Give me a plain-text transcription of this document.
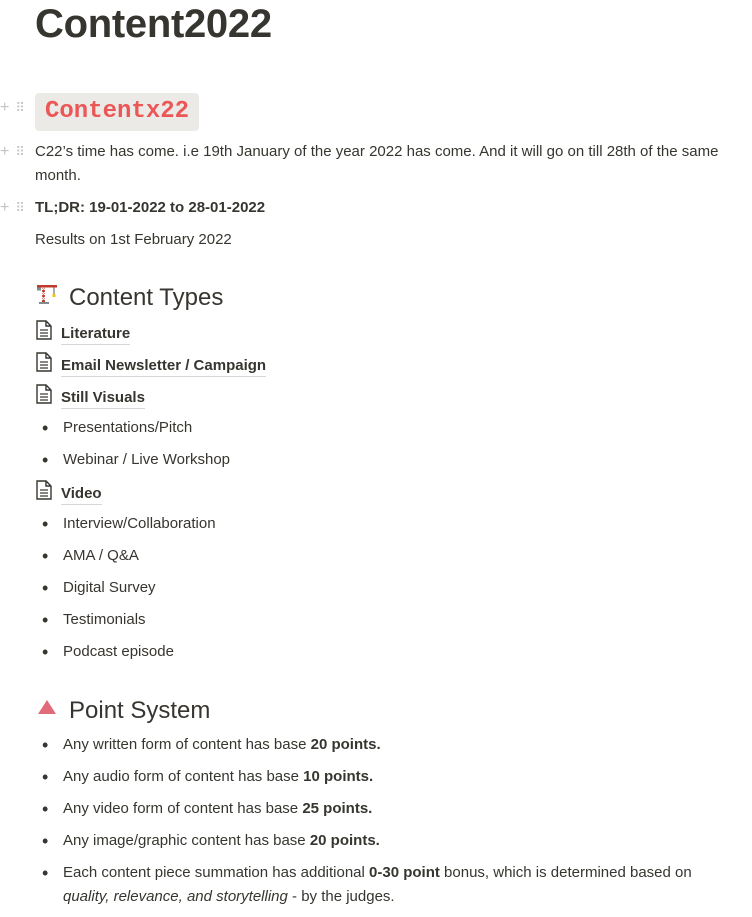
Content2022
+ ⠿ Contentx22
+ ⠿ C22’s time has come. i.e 19th January of the year 2022 has come. And it will go on till 28th of the same month.
+ ⠿ TL;DR: 19-01-2022 to 28-01-2022
Results on 1st February 2022
Content Types
Literature
Email Newsletter / Campaign
Still Visuals
• Presentations/Pitch
• Webinar / Live Workshop
Video
• Interview/Collaboration
• AMA / Q&A
• Digital Survey
• Testimonials
• Podcast episode
Point System
• Any written form of content has base 20 points.
• Any audio form of content has base 10 points.
• Any video form of content has base 25 points.
• Any image/graphic content has base 20 points.
• Each content piece summation has additional 0-30 point bonus, which is determined based on quality, relevance, and storytelling - by the judges.
